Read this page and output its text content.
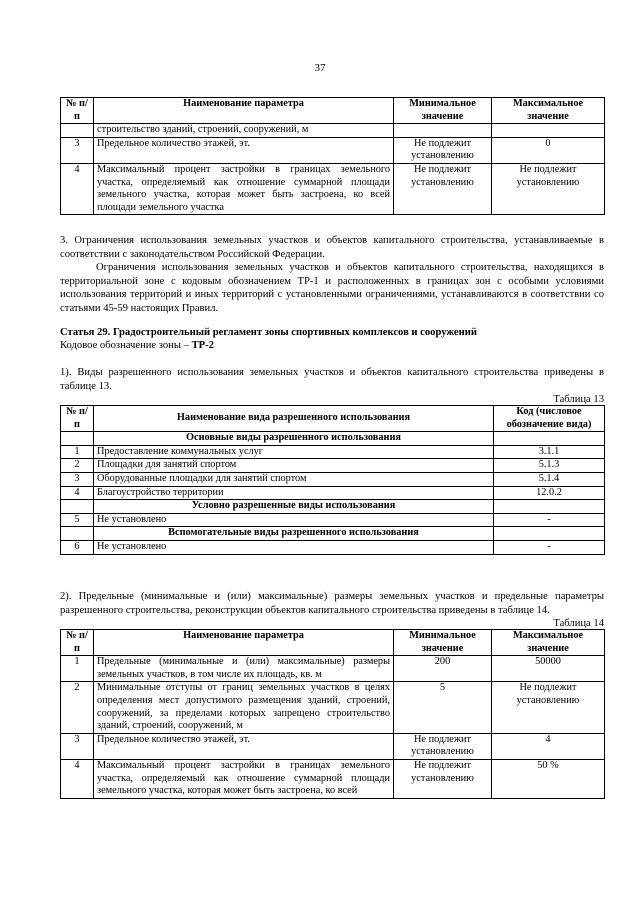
37
№ п/п	Наименование параметра	Минимальное значение	Максимальное значение
	строительство зданий, строений, сооружений, м		
3	Предельное количество этажей, эт.	Не подлежит установлению	0
4	Максимальный процент застройки в границах земельного участка, определяемый как отношение суммарной площади земельного участка, которая может быть застроена, ко всей площади земельного участка	Не подлежит установлению	Не подлежит установлению

3. Ограничения использования земельных участков и объектов капитального строительства, устанавливаемые в соответствии с законодательством Российской Федерации.

Ограничения использования земельных участков и объектов капитального строительства, находящихся в территориальной зоне с кодовым обозначением ТР-1 и расположенных в границах зон с особыми условиями использования территорий и иных территорий с установленными ограничениями, устанавливаются в соответствии со статьями 45-59 настоящих Правил.

Статья 29. Градостроительный регламент зоны спортивных комплексов и сооружений

Кодовое обозначение зоны – ТР-2

1). Виды разрешенного использования земельных участков и объектов капитального строительства приведены в таблице 13.

Таблица 13
№ п/п	Наименование вида разрешенного использования	Код (числовое обозначение вида)
	Основные виды разрешенного использования	
1	Предоставление коммунальных услуг	3.1.1
2	Площадки для занятий спортом	5.1.3
3	Оборудованные площадки для занятий спортом	5.1.4
4	Благоустройство территории	12.0.2
	Условно разрешенные виды использования	
5	Не установлено	-
	Вспомогательные виды разрешенного использования	
6	Не установлено	-

2). Предельные (минимальные и (или) максимальные) размеры земельных участков и предельные параметры разрешенного строительства, реконструкции объектов капитального строительства приведены в таблице 14.

Таблица 14
№ п/п	Наименование параметра	Минимальное значение	Максимальное значение
1	Предельные (минимальные и (или) максимальные) размеры земельных участков, в том числе их площадь, кв. м	200	50000
2	Минимальные отступы от границ земельных участков в целях определения мест допустимого размещения зданий, строений, сооружений, за пределами которых запрещено строительство зданий, строений, сооружений, м	5	Не подлежит установлению
3	Предельное количество этажей, эт.	Не подлежит установлению	4
4	Максимальный процент застройки в границах земельного участка, определяемый как отношение суммарной площади земельного участка, которая может быть застроена, ко всей	Не подлежит установлению	50 %
